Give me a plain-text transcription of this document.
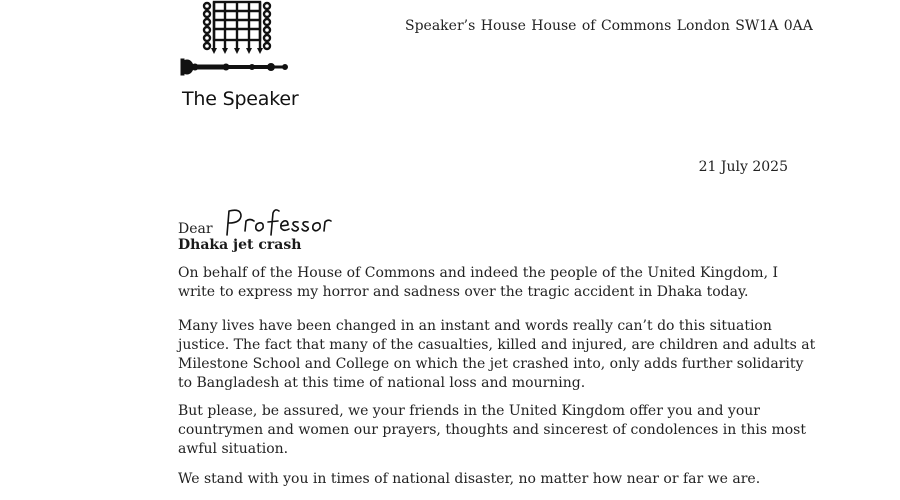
The Speaker
Speaker’s House House of Commons London SW1A 0AA
21 July 2025
Dear
Dhaka jet crash

On behalf of the House of Commons and indeed the people of the United Kingdom, I write to express my horror and sadness over the tragic accident in Dhaka today.

Many lives have been changed in an instant and words really can’t do this situation justice. The fact that many of the casualties, killed and injured, are children and adults at Milestone School and College on which the jet crashed into, only adds further solidarity to Bangladesh at this time of national loss and mourning.

But please, be assured, we your friends in the United Kingdom offer you and your countrymen and women our prayers, thoughts and sincerest of condolences in this most awful situation.

We stand with you in times of national disaster, no matter how near or far we are.
